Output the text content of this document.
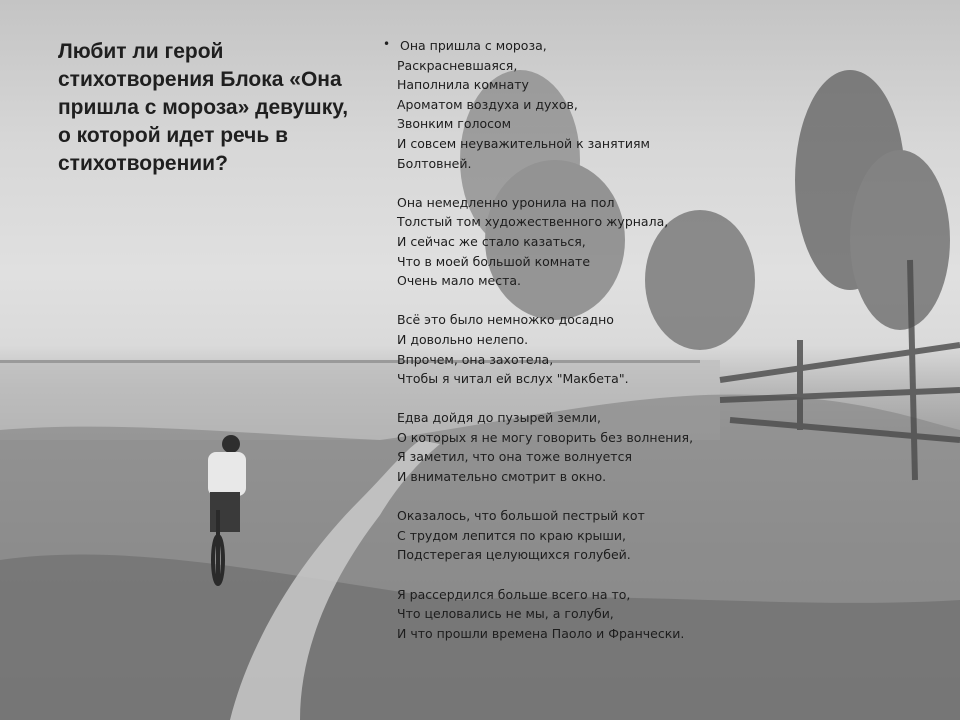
Любит ли герой стихотворения Блока «Она пришла с мороза» девушку, о которой идет речь в стихотворении?
• Она пришла с мороза,
Раскрасневшаяся,
Наполнила комнату
Ароматом воздуха и духов,
Звонким голосом
И совсем неуважительной к занятиям
Болтовней.
Она немедленно уронила на пол
Толстый том художественного журнала,
И сейчас же стало казаться,
Что в моей большой комнате
Очень мало места.
Всё это было немножко досадно
И довольно нелепо.
Впрочем, она захотела,
Чтобы я читал ей вслух "Макбета".
Едва дойдя до пузырей земли,
О которых я не могу говорить без волнения,
Я заметил, что она тоже волнуется
И внимательно смотрит в окно.
Оказалось, что большой пестрый кот
С трудом лепится по краю крыши,
Подстерегая целующихся голубей.
Я рассердился больше всего на то,
Что целовались не мы, а голуби,
И что прошли времена Паоло и Франчески.
